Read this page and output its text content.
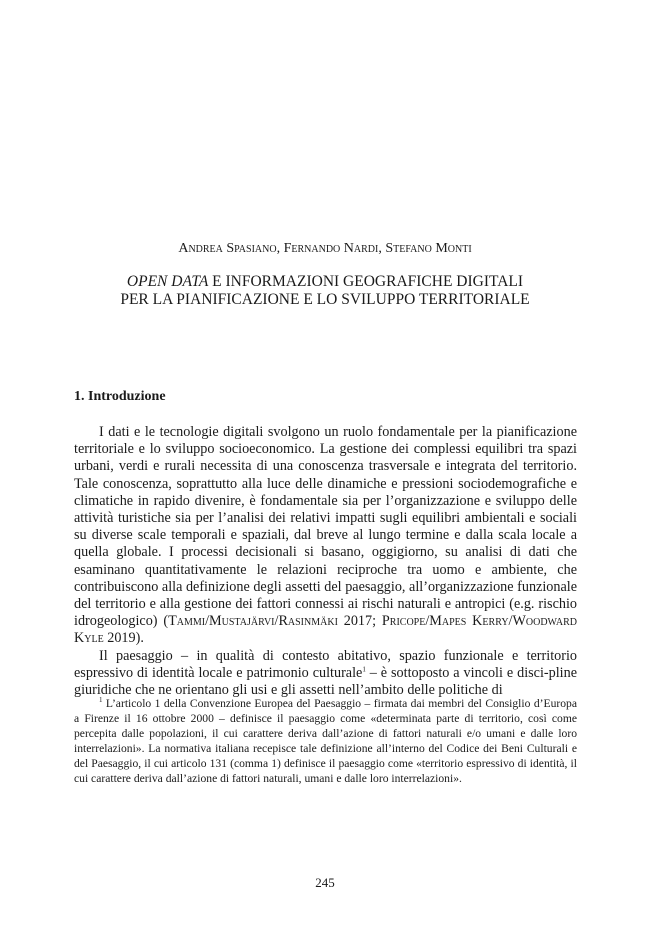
Andrea Spasiano, Fernando Nardi, Stefano Monti
OPEN DATA E INFORMAZIONI GEOGRAFICHE DIGITALI
PER LA PIANIFICAZIONE E LO SVILUPPO TERRITORIALE
1. Introduzione

I dati e le tecnologie digitali svolgono un ruolo fondamentale per la pianificazione territoriale e lo sviluppo socioeconomico. La gestione dei complessi equilibri tra spazi urbani, verdi e rurali necessita di una conoscenza trasversale e integrata del territorio. Tale conoscenza, soprattutto alla luce delle dinamiche e pressioni sociodemografiche e climatiche in rapido divenire, è fondamentale sia per l’organizzazione e sviluppo delle attività turistiche sia per l’analisi dei relativi impatti sugli equilibri ambientali e sociali su diverse scale temporali e spaziali, dal breve al lungo termine e dalla scala locale a quella globale. I processi decisionali si basano, oggigiorno, su analisi di dati che esaminano quantitativamente le relazioni reciproche tra uomo e ambiente, che contribuiscono alla definizione degli assetti del paesaggio, all’organizzazione funzionale del territorio e alla gestione dei fattori connessi ai rischi naturali e antropici (e.g. rischio idrogeologico) (Tammi/Mustajärvi/Rasinmäki 2017; Pricope/Mapes Kerry/Woodward Kyle 2019).

Il paesaggio – in qualità di contesto abitativo, spazio funzionale e territorio espressivo di identità locale e patrimonio culturale$^1$ – è sottoposto a vincoli e disci-pline giuridiche che ne orientano gli usi e gli assetti nell’ambito delle politiche di

$^1$ L’articolo 1 della Convenzione Europea del Paesaggio – firmata dai membri del Consiglio d’Europa a Firenze il 16 ottobre 2000 – definisce il paesaggio come «determinata parte di territorio, così come percepita dalle popolazioni, il cui carattere deriva dall’azione di fattori naturali e/o umani e dalle loro interrelazioni». La normativa italiana recepisce tale definizione all’interno del Codice dei Beni Culturali e del Paesaggio, il cui articolo 131 (comma 1) definisce il paesaggio come «territorio espressivo di identità, il cui carattere deriva dall’azione di fattori naturali, umani e dalle loro interrelazioni».

245
